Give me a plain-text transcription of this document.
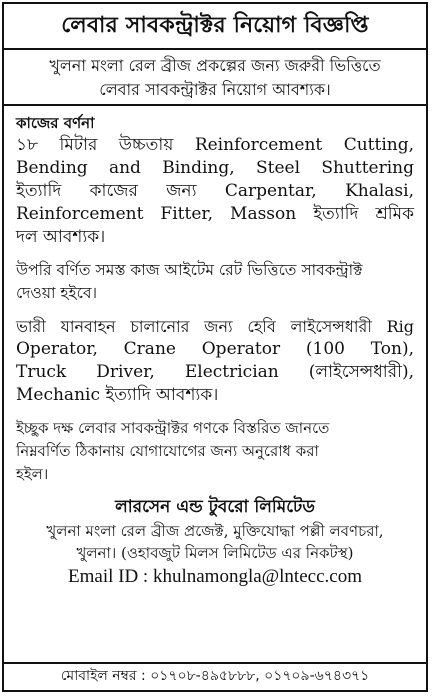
লেবার সাবকন্ট্রাক্টর নিয়োগ বিজ্ঞপ্তি
খুলনা মংলা রেল ব্রীজ প্রকল্পের জন্য জরুরী ভিত্তিতে
লেবার সাবকন্ট্রাক্টর নিয়োগ আবশ্যক।
কাজের বর্ণনা
১৮ মিটার উচ্চতায় Reinforcement Cutting,
Bending and Binding, Steel Shuttering
ইত্যাদি কাজের জন্য Carpentar, Khalasi,
Reinforcement Fitter, Masson ইত্যাদি শ্রমিক
দল আবশ্যক।
উপরি বর্ণিত সমস্ত কাজ আইটেম রেট ভিত্তিতে সাবকন্ট্রাক্ট
দেওয়া হইবে।
ভারী যানবাহন চালানোর জন্য হেবি লাইসেন্সধারী Rig
Operator, Crane Operator (100 Ton),
Truck Driver, Electrician (লাইসেন্সধারী),
Mechanic ইত্যাদি আবশ্যক।
ইচ্ছুক দক্ষ লেবার সাবকন্ট্রাক্টর গণকে বিস্তরিত জানতে
নিম্নবর্ণিত ঠিকানায় যোগাযোগের জন্য অনুরোধ করা
হইল।
লারসেন এন্ড টুবরো লিমিটেড
খুলনা মংলা রেল ব্রীজ প্রজেক্ট, মুক্তিযোদ্ধা পল্লী লবণচরা,
খুলনা। (ওহাবজুট মিলস লিমিটেড এর নিকটস্থ)
Email ID : khulnamongla@lntecc.com
মোবাইল নম্বর : ০১৭০৮-৪৯৫৮৮৮, ০১৭০৯-৬৭৪৩৭১
